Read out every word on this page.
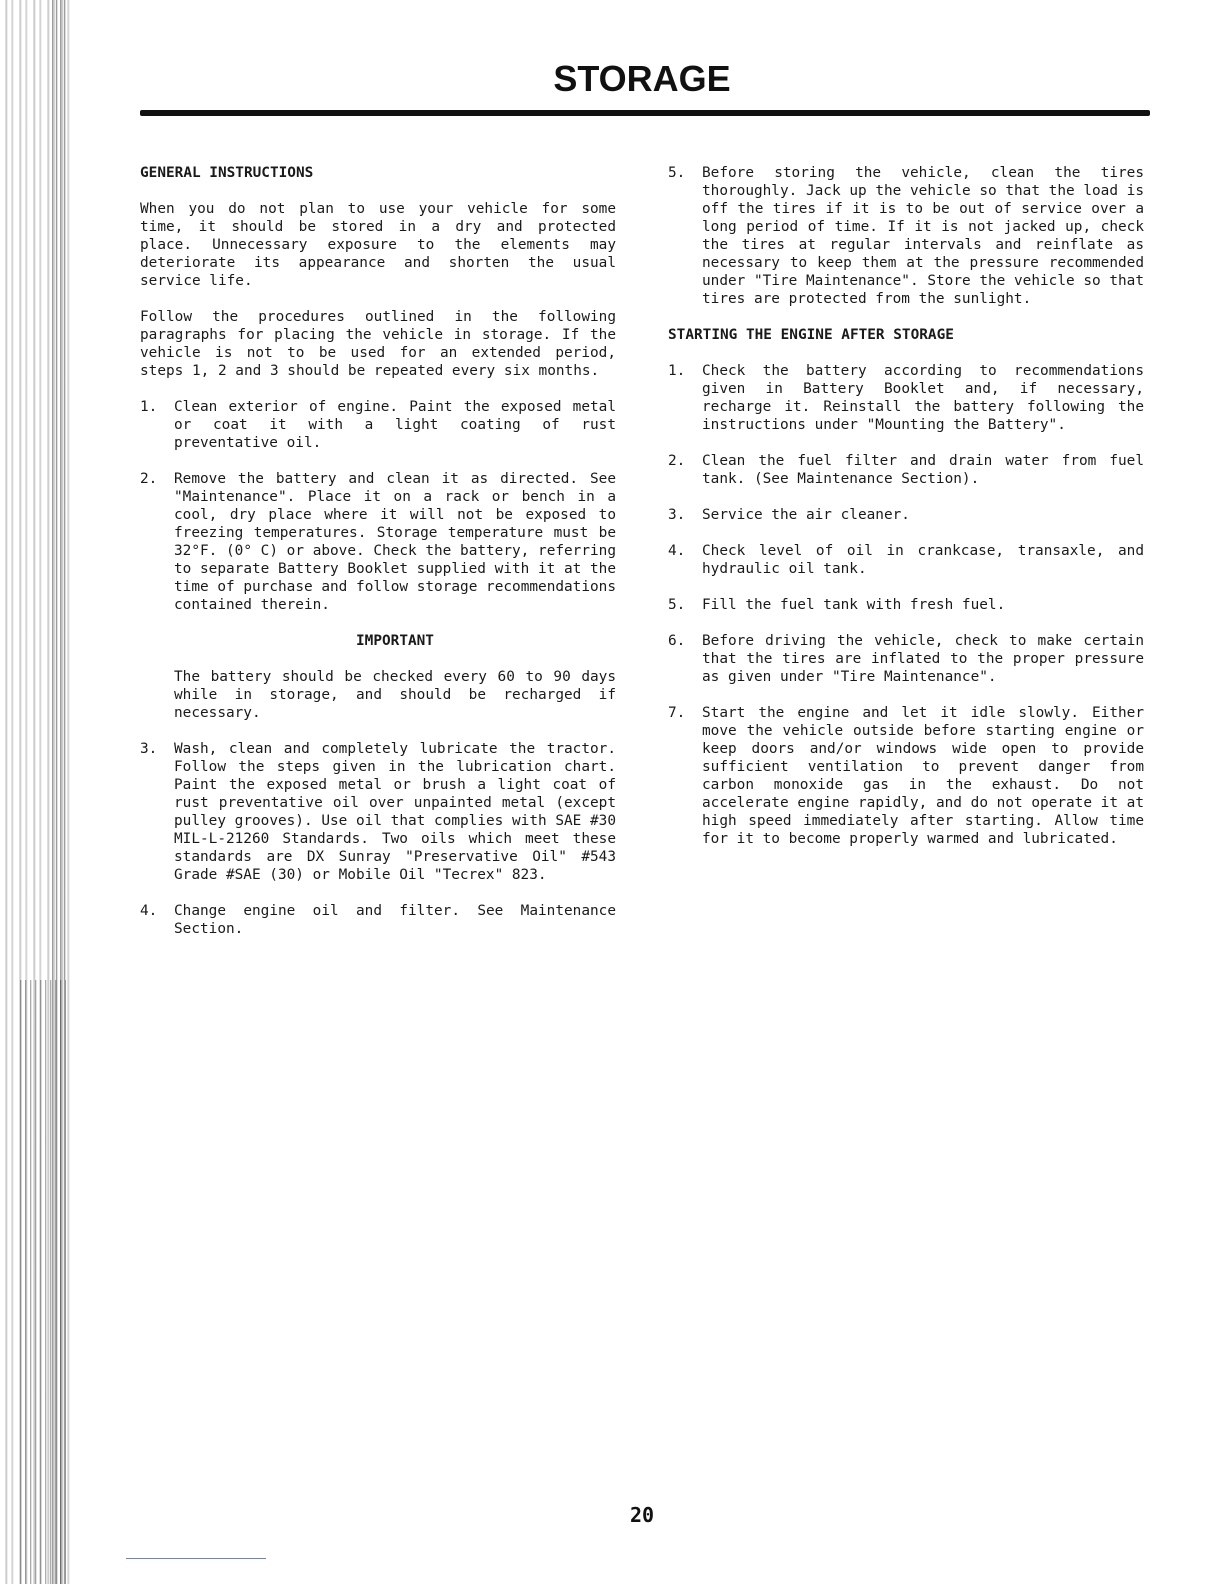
STORAGE
GENERAL INSTRUCTIONS

When you do not plan to use your vehicle for some time, it should be stored in a dry and protected place. Unnecessary exposure to the elements may deteriorate its appearance and shorten the usual service life.

Follow the procedures outlined in the following paragraphs for placing the vehicle in storage. If the vehicle is not to be used for an extended period, steps 1, 2 and 3 should be repeated every six months.

1.	Clean exterior of engine. Paint the exposed metal or coat it with a light coating of rust preventative oil.

2.	Remove the battery and clean it as directed. See "Maintenance". Place it on a rack or bench in a cool, dry place where it will not be exposed to freezing temperatures. Storage temperature must be 32°F. (0° C) or above. Check the battery, referring to separate Battery Booklet supplied with it at the time of purchase and follow storage recommendations contained therein.

IMPORTANT

The battery should be checked every 60 to 90 days while in storage, and should be recharged if necessary.

3.	Wash, clean and completely lubricate the tractor. Follow the steps given in the lubrication chart. Paint the exposed metal or brush a light coat of rust preventative oil over unpainted metal (except pulley grooves). Use oil that complies with SAE #30 MIL-L-21260 Standards. Two oils which meet these standards are DX Sunray "Preservative Oil" #543 Grade #SAE (30) or Mobile Oil "Tecrex" 823.

4.	Change engine oil and filter. See Maintenance Section.

5.	Before storing the vehicle, clean the tires thoroughly. Jack up the vehicle so that the load is off the tires if it is to be out of service over a long period of time. If it is not jacked up, check the tires at regular intervals and reinflate as necessary to keep them at the pressure recommended under "Tire Maintenance". Store the vehicle so that tires are protected from the sunlight.

STARTING THE ENGINE AFTER STORAGE
1.	Check the battery according to recommendations given in Battery Booklet and, if necessary, recharge it. Reinstall the battery following the instructions under "Mounting the Battery".

2.	Clean the fuel filter and drain water from fuel tank. (See Maintenance Section).

3.	Service the air cleaner.

4.	Check level of oil in crankcase, transaxle, and hydraulic oil tank.

5.	Fill the fuel tank with fresh fuel.

6.	Before driving the vehicle, check to make certain that the tires are inflated to the proper pressure as given under "Tire Maintenance".

7.	Start the engine and let it idle slowly. Either move the vehicle outside before starting engine or keep doors and/or windows wide open to provide sufficient ventilation to prevent danger from carbon monoxide gas in the exhaust. Do not accelerate engine rapidly, and do not operate it at high speed immediately after starting. Allow time for it to become properly warmed and lubricated.

20
